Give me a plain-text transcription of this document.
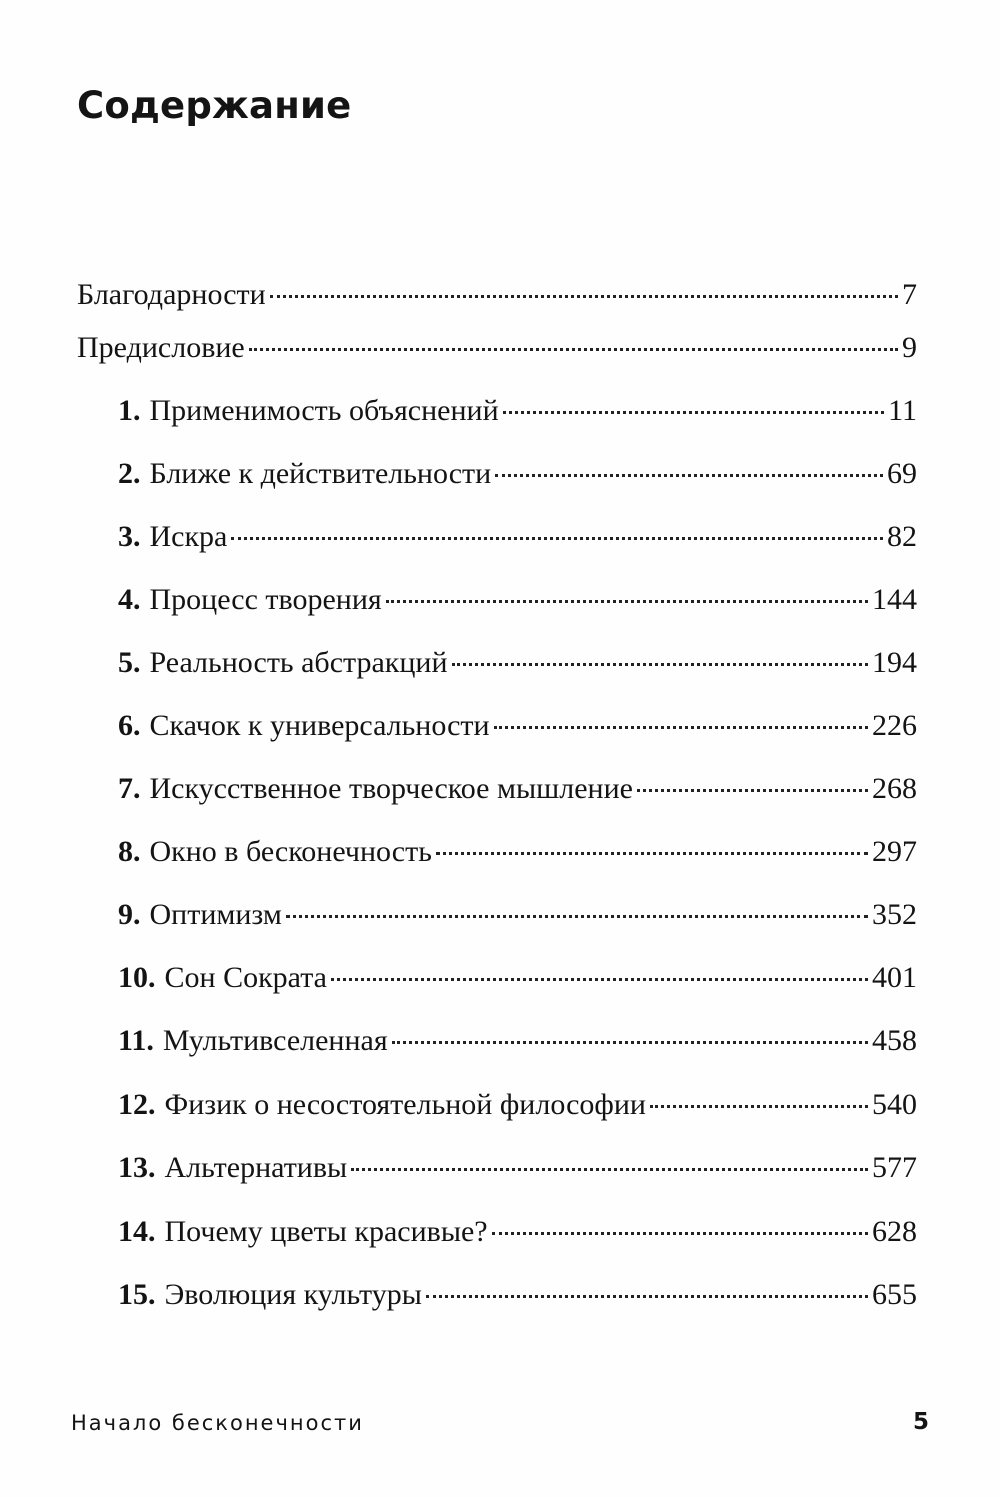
Содержание
Благодарности	7
Предисловие	9
1. Применимость объяснений	11
2. Ближе к действительности	69
3. Искра	82
4. Процесс творения	144
5. Реальность абстракций	194
6. Скачок к универсальности	226
7. Искусственное творческое мышление	268
8. Окно в бесконечность	297
9. Оптимизм	352
10. Сон Сократа	401
11. Мультивселенная	458
12. Физик о несостоятельной философии	540
13. Альтернативы	577
14. Почему цветы красивые?	628
15. Эволюция культуры	655

Начало бесконечности	5
